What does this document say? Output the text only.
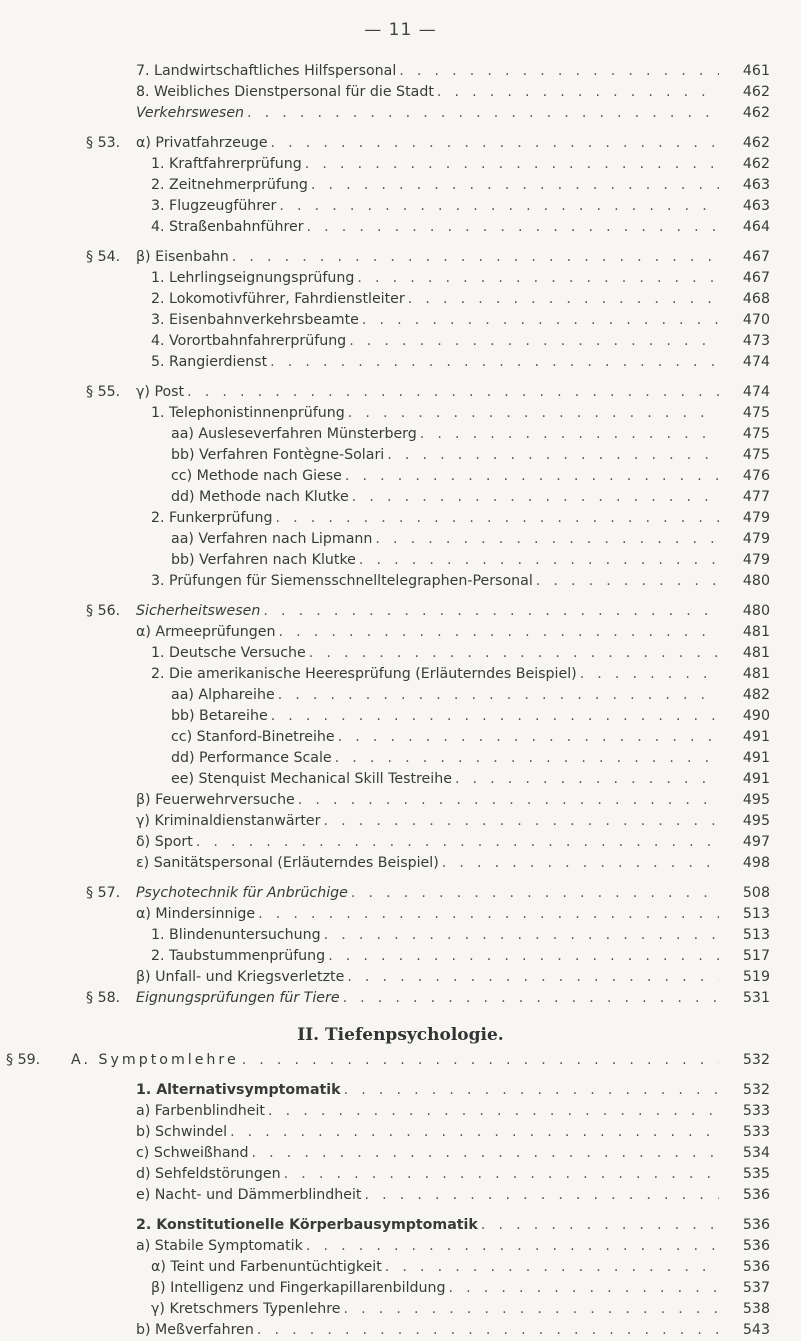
— 11 —
7. Landwirtschaftliches Hilfspersonal . . .	461
8. Weibliches Dienstpersonal für die Stadt . . .	462
Verkehrswesen . . .	462
§ 53. α) Privatfahrzeuge . . .	462
1. Kraftfahrerprüfung . . .	462
2. Zeitnehmerprüfung . . .	463
3. Flugzeugführer . . .	463
4. Straßenbahnführer . . .	464
§ 54. β) Eisenbahn . . .	467
1. Lehrlingseignungsprüfung . . .	467
2. Lokomotivführer, Fahrdienstleiter . . .	468
3. Eisenbahnverkehrsbeamte . . .	470
4. Vorortbahnfahrerprüfung . . .	473
5. Rangierdienst . . .	474
§ 55. γ) Post . . .	474
1. Telephonistinnenprüfung . . .	475
aa) Ausleseverfahren Münsterberg . . .	475
bb) Verfahren Fontègne-Solari . . .	475
cc) Methode nach Giese . . .	476
dd) Methode nach Klutke . . .	477
2. Funkerprüfung . . .	479
aa) Verfahren nach Lipmann . . .	479
bb) Verfahren nach Klutke . . .	479
3. Prüfungen für Siemensschnelltelegraphen-Personal . . .	480
§ 56. Sicherheitswesen . . .	480
α) Armeeprüfungen . . .	481
1. Deutsche Versuche . . .	481
2. Die amerikanische Heeresprüfung (Erläuterndes Beispiel) . . .	481
aa) Alphareihe . . .	482
bb) Betareihe . . .	490
cc) Stanford-Binetreihe . . .	491
dd) Performance Scale . . .	491
ee) Stenquist Mechanical Skill Testreihe . . .	491
β) Feuerwehrversuche . . .	495
γ) Kriminaldienstanwärter . . .	495
δ) Sport . . .	497
ε) Sanitätspersonal (Erläuterndes Beispiel) . . .	498
§ 57. Psychotechnik für Anbrüchige . . .	508
α) Mindersinnige . . .	513
1. Blindenuntersuchung . . .	513
2. Taubstummenprüfung . . .	517
β) Unfall- und Kriegsverletzte . . .	519
§ 58. Eignungsprüfungen für Tiere . . .	531
II. Tiefenpsychologie.
§ 59. A. Symptomlehre . . .	532
1. Alternativsymptomatik . . .	532
a) Farbenblindheit . . .	533
b) Schwindel . . .	533
c) Schweißhand . . .	534
d) Sehfeldstörungen . . .	535
e) Nacht- und Dämmerblindheit . . .	536
2. Konstitutionelle Körperbausymptomatik . . .	536
a) Stabile Symptomatik . . .	536
α) Teint und Farbenuntüchtigkeit . . .	536
β) Intelligenz und Fingerkapillarenbildung . . .	537
γ) Kretschmers Typenlehre . . .	538
b) Meßverfahren . . .	543
